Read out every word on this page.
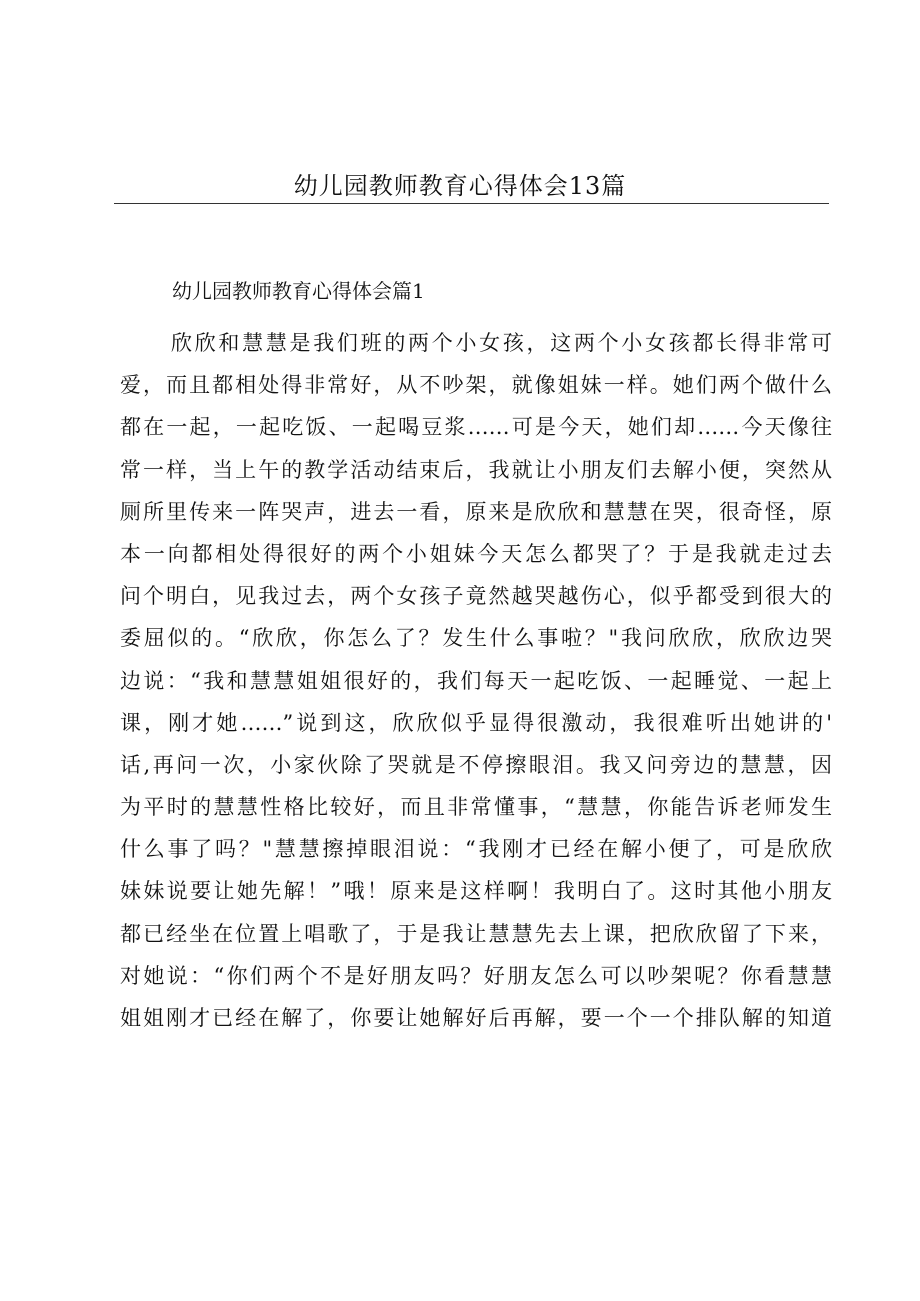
幼儿园教师教育心得体会13篇
幼儿园教师教育心得体会篇1
欣欣和慧慧是我们班的两个小女孩，这两个小女孩都长得非常可
爱，而且都相处得非常好，从不吵架，就像姐妹一样。她们两个做什么
都在一起，一起吃饭、一起喝豆浆……可是今天，她们却……今天像往
常一样，当上午的教学活动结束后，我就让小朋友们去解小便，突然从
厕所里传来一阵哭声，进去一看，原来是欣欣和慧慧在哭，很奇怪，原
本一向都相处得很好的两个小姐妹今天怎么都哭了？于是我就走过去
问个明白，见我过去，两个女孩子竟然越哭越伤心，似乎都受到很大的
委屈似的。“欣欣，你怎么了？发生什么事啦？"我问欣欣，欣欣边哭
边说：“我和慧慧姐姐很好的，我们每天一起吃饭、一起睡觉、一起上
课，刚才她……”说到这，欣欣似乎显得很激动，我很难听出她讲的'
话,再问一次，小家伙除了哭就是不停擦眼泪。我又问旁边的慧慧，因
为平时的慧慧性格比较好，而且非常懂事，“慧慧，你能告诉老师发生
什么事了吗？"慧慧擦掉眼泪说：“我刚才已经在解小便了，可是欣欣
妹妹说要让她先解！”哦！原来是这样啊！我明白了。这时其他小朋友
都已经坐在位置上唱歌了，于是我让慧慧先去上课，把欣欣留了下来，
对她说：“你们两个不是好朋友吗？好朋友怎么可以吵架呢？你看慧慧
姐姐刚才已经在解了，你要让她解好后再解，要一个一个排队解的知道
